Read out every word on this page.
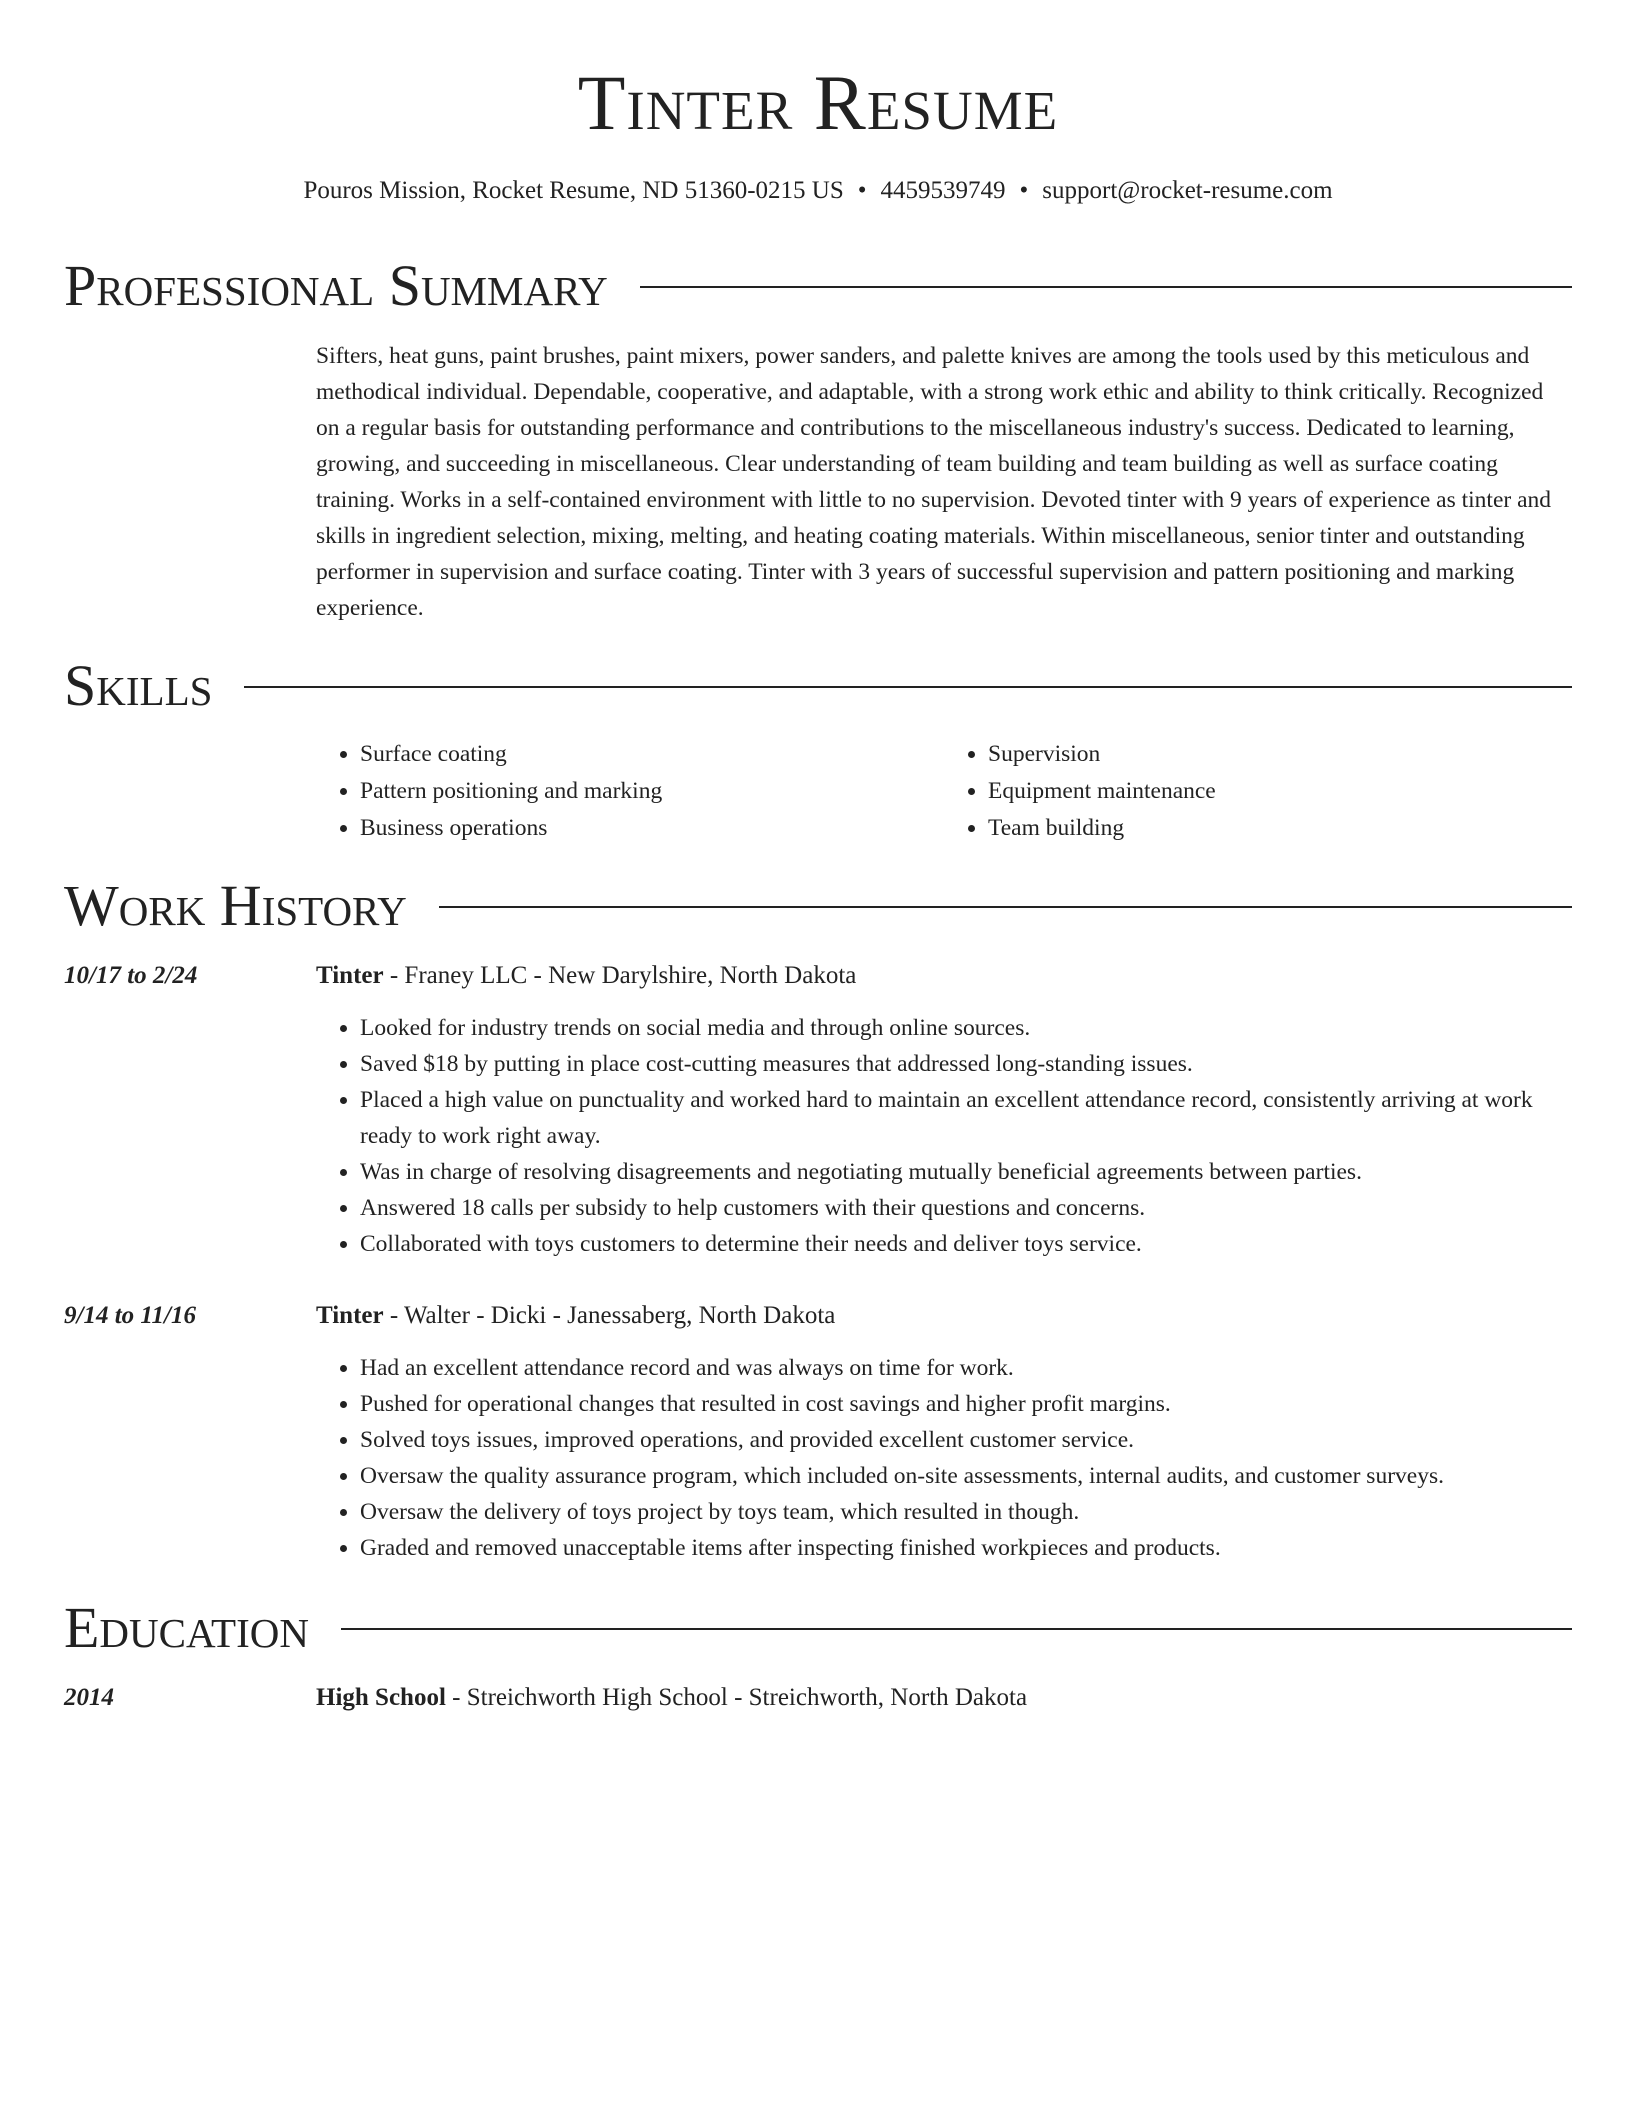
Tinter Resume
Pouros Mission, Rocket Resume, ND 51360-0215 US • 4459539749 • support@rocket-resume.com
Professional Summary

Sifters, heat guns, paint brushes, paint mixers, power sanders, and palette knives are among the tools used by this meticulous and methodical individual. Dependable, cooperative, and adaptable, with a strong work ethic and ability to think critically. Recognized on a regular basis for outstanding performance and contributions to the miscellaneous industry's success. Dedicated to learning, growing, and succeeding in miscellaneous. Clear understanding of team building and team building as well as surface coating training. Works in a self-contained environment with little to no supervision. Devoted tinter with 9 years of experience as tinter and skills in ingredient selection, mixing, melting, and heating coating materials. Within miscellaneous, senior tinter and outstanding performer in supervision and surface coating. Tinter with 3 years of successful supervision and pattern positioning and marking experience.

Skills
• Surface coating
• Pattern positioning and marking
• Business operations
• Supervision
• Equipment maintenance
• Team building
Work History
10/17 to 2/24	Tinter - Franey LLC - New Darylshire, North Dakota
• Looked for industry trends on social media and through online sources.
• Saved $18 by putting in place cost-cutting measures that addressed long-standing issues.
• Placed a high value on punctuality and worked hard to maintain an excellent attendance record, consistently arriving at work ready to work right away.
• Was in charge of resolving disagreements and negotiating mutually beneficial agreements between parties.
• Answered 18 calls per subsidy to help customers with their questions and concerns.
• Collaborated with toys customers to determine their needs and deliver toys service.
9/14 to 11/16	Tinter - Walter - Dicki - Janessaberg, North Dakota
• Had an excellent attendance record and was always on time for work.
• Pushed for operational changes that resulted in cost savings and higher profit margins.
• Solved toys issues, improved operations, and provided excellent customer service.
• Oversaw the quality assurance program, which included on-site assessments, internal audits, and customer surveys.
• Oversaw the delivery of toys project by toys team, which resulted in though.
• Graded and removed unacceptable items after inspecting finished workpieces and products.
Education
2014	High School - Streichworth High School - Streichworth, North Dakota
